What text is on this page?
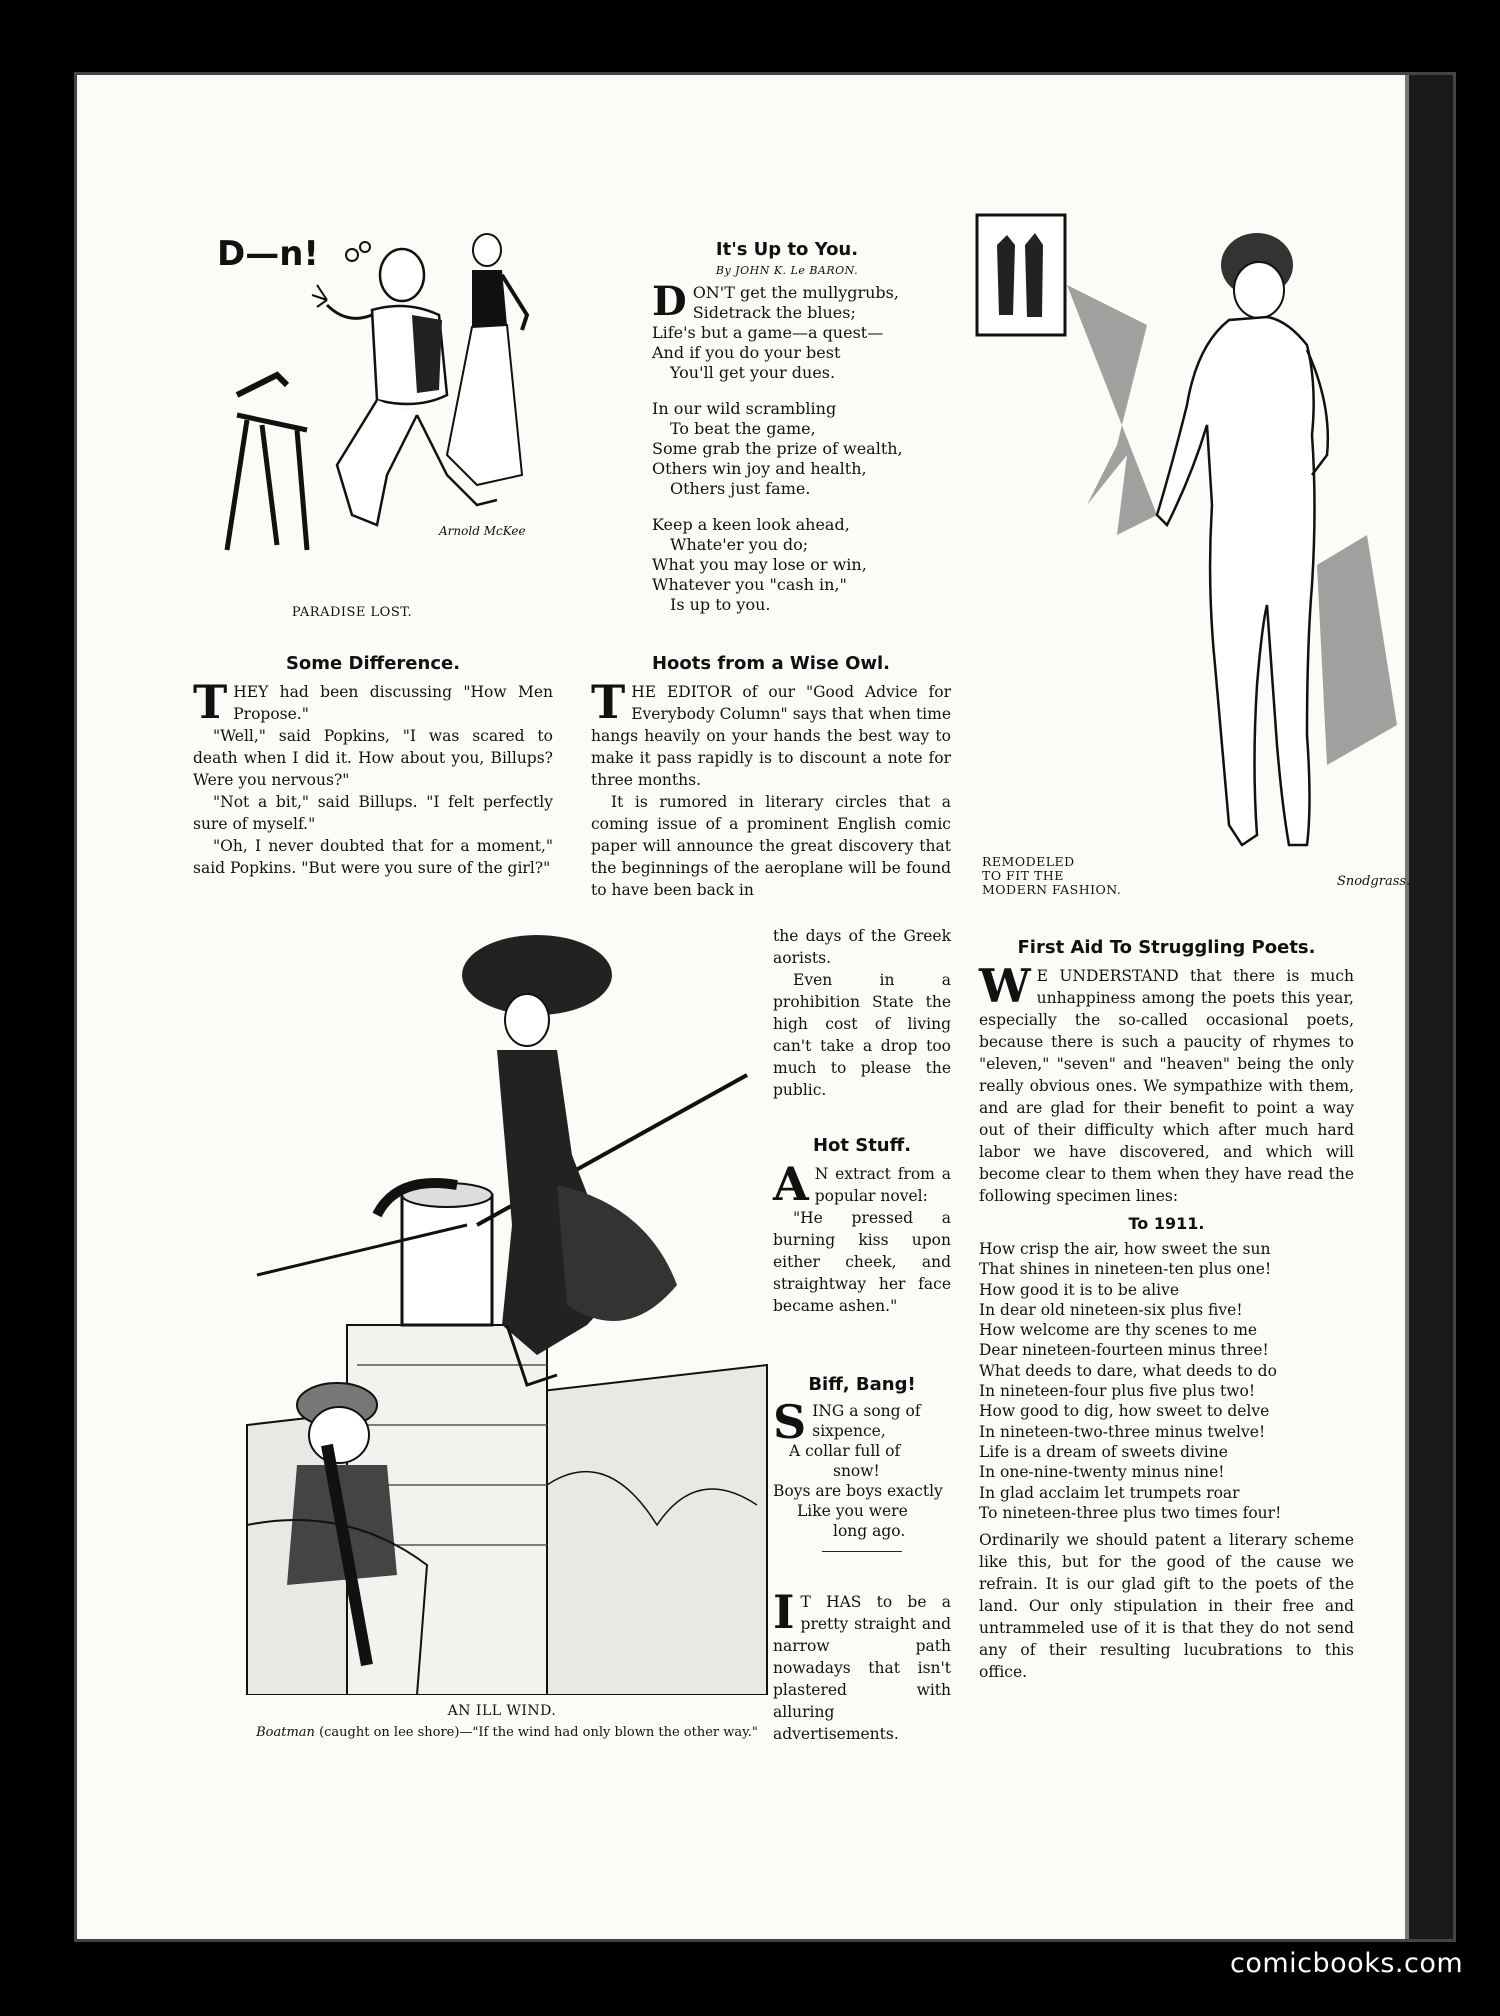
D—n!
Arnold McKee
PARADISE LOST.
It's Up to You.
By JOHN K. Le BARON.

DON'T get the mullygrubs,

Sidetrack the blues;

Life's but a game—a quest—

And if you do your best

You'll get your dues.

In our wild scrambling

To beat the game,

Some grab the prize of wealth,

Others win joy and health,

Others just fame.

Keep a keen look ahead,

Whate'er you do;

What you may lose or win,

Whatever you "cash in,"

Is up to you.

Snodgrass.
REMODELED
TO FIT THE
MODERN FASHION.
Some Difference.

THEY had been discussing "How Men Propose."

"Well," said Popkins, "I was scared to death when I did it. How about you, Billups? Were you nervous?"

"Not a bit," said Billups. "I felt perfectly sure of myself."

"Oh, I never doubted that for a moment," said Popkins. "But were you sure of the girl?"

Hoots from a Wise Owl.

THE EDITOR of our "Good Advice for Everybody Column" says that when time hangs heavily on your hands the best way to make it pass rapidly is to discount a note for three months.

It is rumored in literary circles that a coming issue of a prominent English comic paper will announce the great discovery that the beginnings of the aeroplane will be found to have been back in

the days of the Greek aorists.

Even in a prohibition State the high cost of living can't take a drop too much to please the public.

AN ILL WIND.
Boatman (caught on lee shore)—"If the wind had only blown the other way."
Hot Stuff.

A N extract from a popular novel:

"He pressed a burning kiss upon either cheek, and straightway her face became ashen."

Biff, Bang!
SING a song of
sixpence,
A collar full of
snow!
Boys are boys exactly
Like you were
long ago.

I T HAS to be a pretty straight and narrow path nowadays that isn't plastered with alluring advertisements.

First Aid To Struggling Poets.

W E UNDERSTAND that there is much unhappiness among the poets this year, especially the so-called occasional poets, because there is such a paucity of rhymes to "eleven," "seven" and "heaven" being the only really obvious ones. We sympathize with them, and are glad for their benefit to point a way out of their difficulty which after much hard labor we have discovered, and which will become clear to them when they have read the following specimen lines:

To 1911.
How crisp the air, how sweet the sun
That shines in nineteen-ten plus one!
How good it is to be alive
In dear old nineteen-six plus five!
How welcome are thy scenes to me
Dear nineteen-fourteen minus three!
What deeds to dare, what deeds to do
In nineteen-four plus five plus two!
How good to dig, how sweet to delve
In nineteen-two-three minus twelve!
Life is a dream of sweets divine
In one-nine-twenty minus nine!
In glad acclaim let trumpets roar
To nineteen-three plus two times four!

Ordinarily we should patent a literary scheme like this, but for the good of the cause we refrain. It is our glad gift to the poets of the land. Our only stipulation in their free and untrammeled use of it is that they do not send any of their resulting lucubrations to this office.

comicbooks.com
